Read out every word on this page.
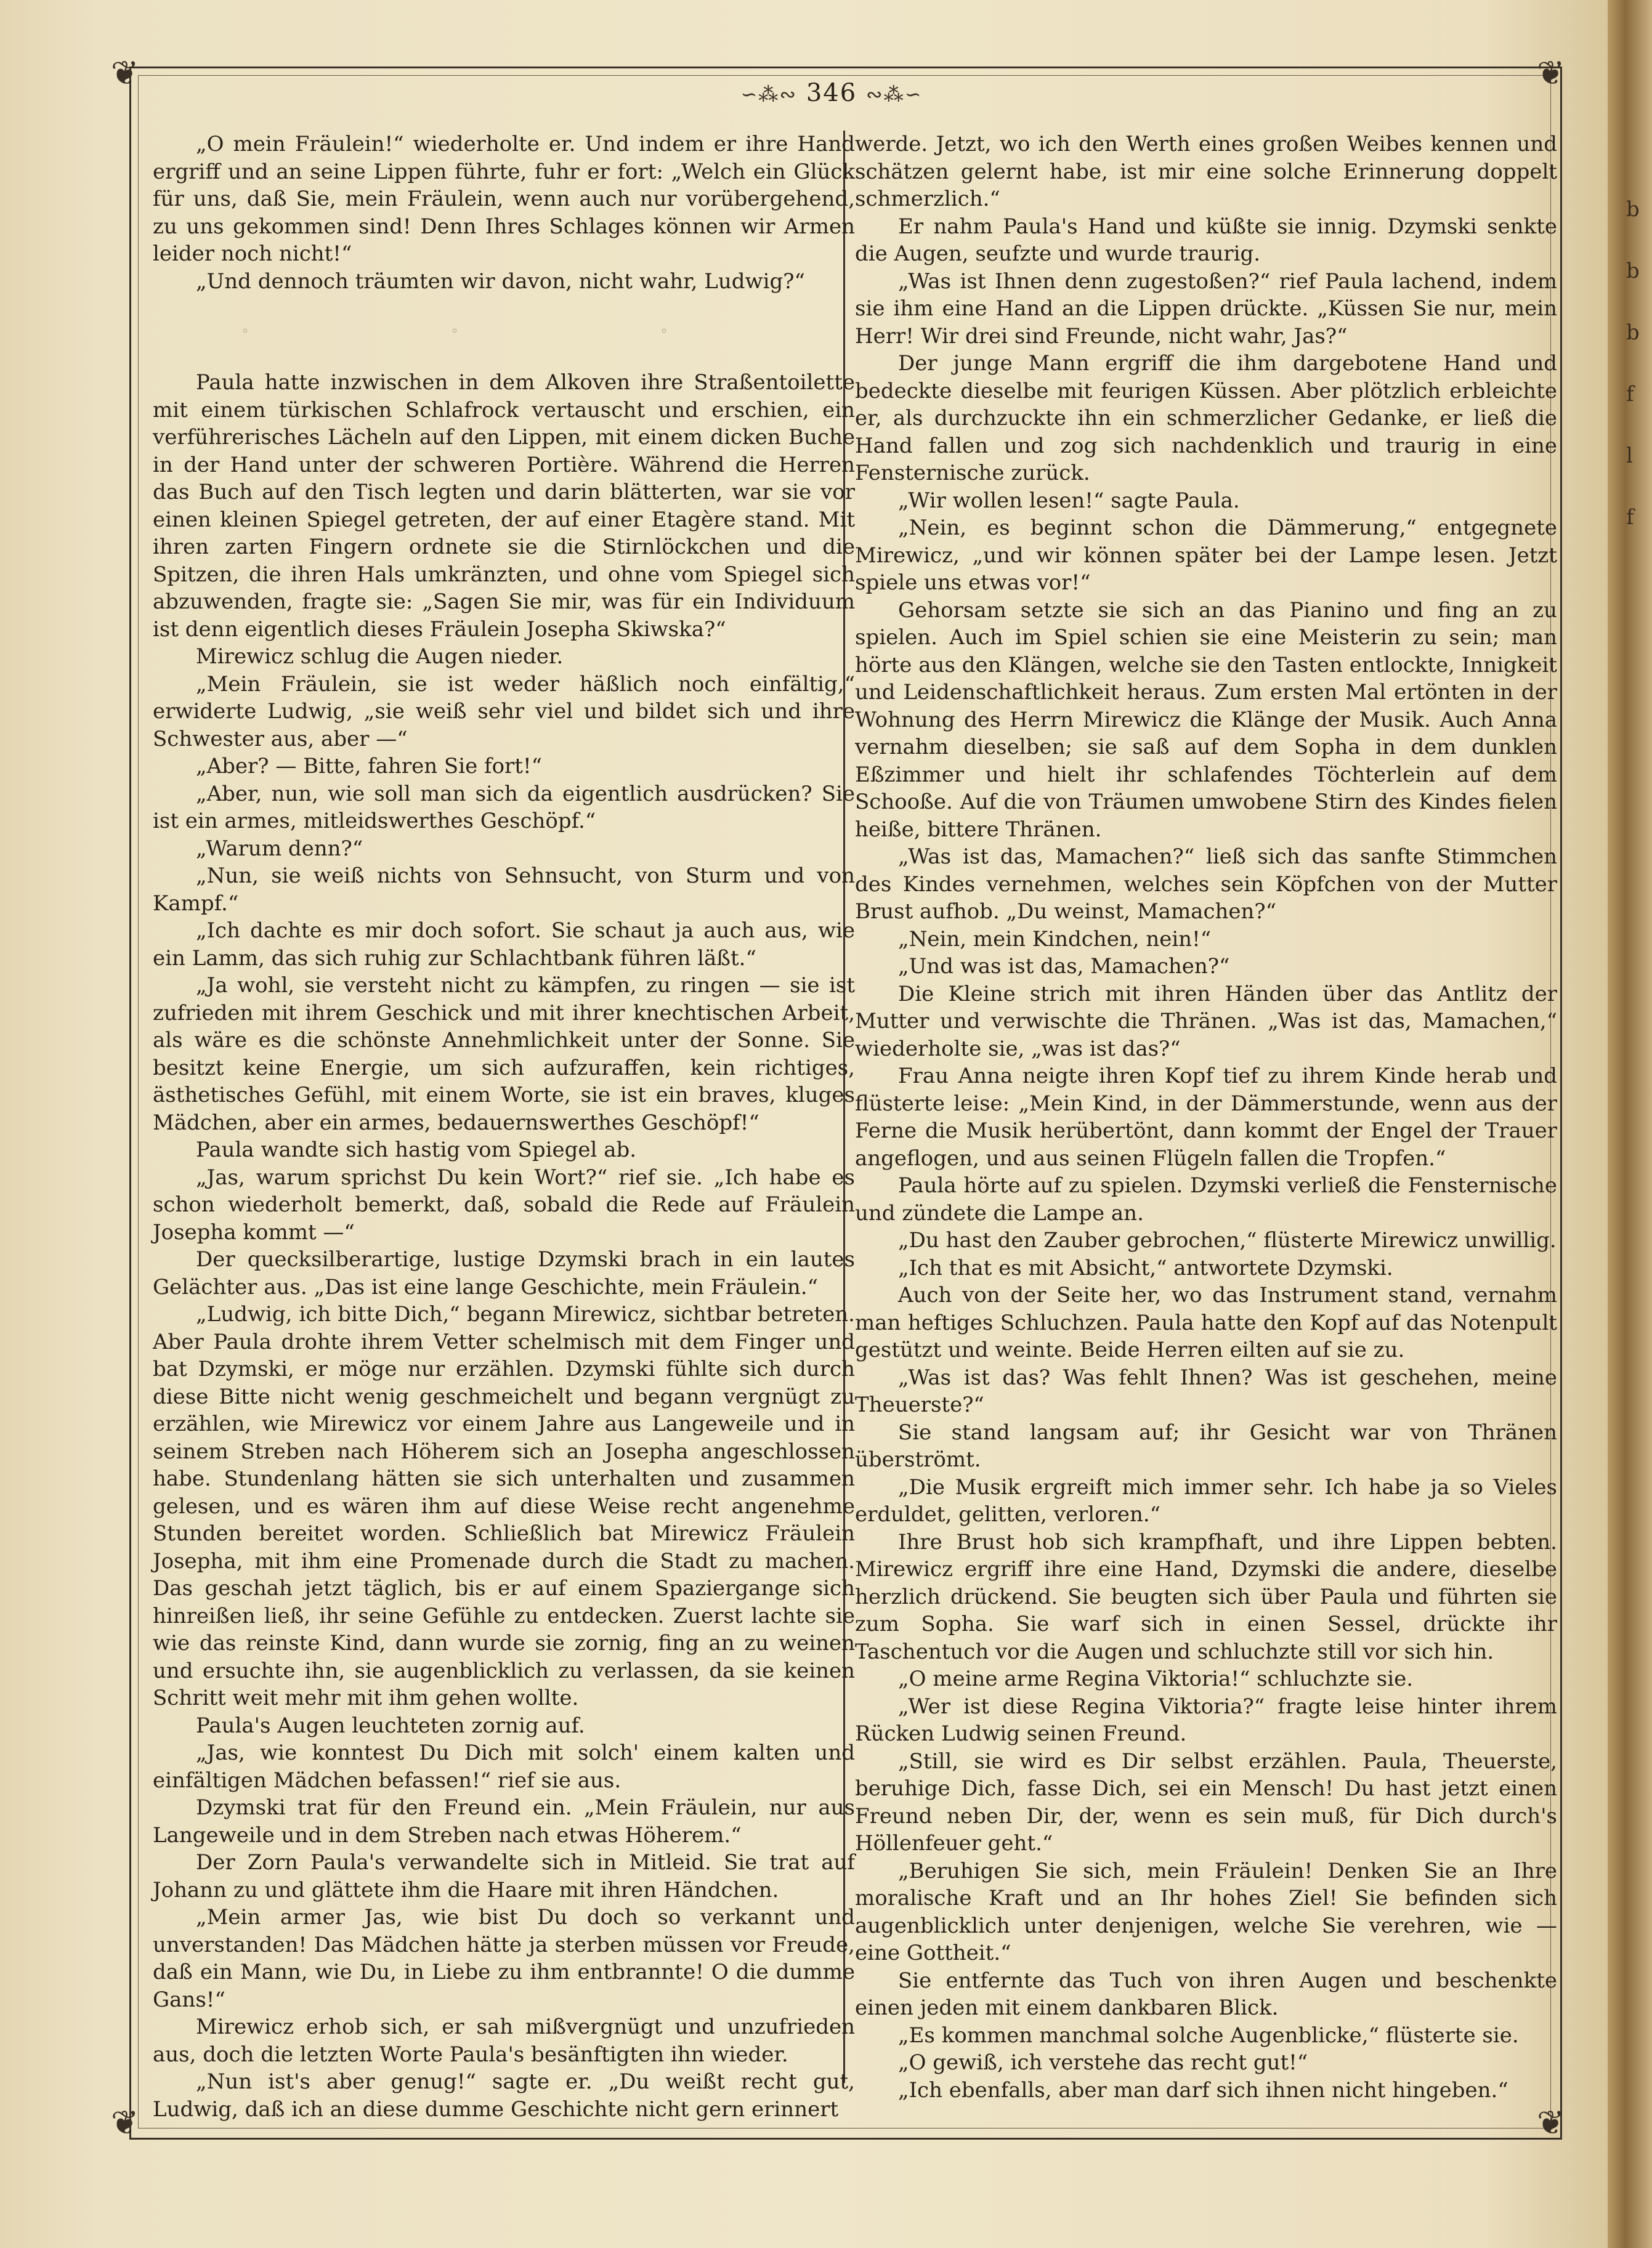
b
b
b
f
l
f
❦	❦
❦	❦
∽⁂∾ 346 ∾⁂∽

„O mein Fräulein!“ wiederholte er. Und indem er ihre Hand ergriff und an seine Lippen führte, fuhr er fort: „Welch ein Glück für uns, daß Sie, mein Fräulein, wenn auch nur vorübergehend, zu uns gekommen sind! Denn Ihres Schlages können wir Armen leider noch nicht!“

„Und dennoch träumten wir davon, nicht wahr, Ludwig?“

◦ ◦ ◦

Paula hatte inzwischen in dem Alkoven ihre Straßentoilette mit einem türkischen Schlafrock vertauscht und erschien, ein verführerisches Lächeln auf den Lippen, mit einem dicken Buche in der Hand unter der schweren Portière. Während die Herren das Buch auf den Tisch legten und darin blätterten, war sie vor einen kleinen Spiegel getreten, der auf einer Etagère stand. Mit ihren zarten Fingern ordnete sie die Stirnlöckchen und die Spitzen, die ihren Hals umkränzten, und ohne vom Spiegel sich abzuwenden, fragte sie: „Sagen Sie mir, was für ein Individuum ist denn eigentlich dieses Fräulein Josepha Skiwska?“

Mirewicz schlug die Augen nieder.

„Mein Fräulein, sie ist weder häßlich noch einfältig,“ erwiderte Ludwig, „sie weiß sehr viel und bildet sich und ihre Schwester aus, aber —“

„Aber? — Bitte, fahren Sie fort!“

„Aber, nun, wie soll man sich da eigentlich ausdrücken? Sie ist ein armes, mitleidswerthes Geschöpf.“

„Warum denn?“

„Nun, sie weiß nichts von Sehnsucht, von Sturm und von Kampf.“

„Ich dachte es mir doch sofort. Sie schaut ja auch aus, wie ein Lamm, das sich ruhig zur Schlachtbank führen läßt.“

„Ja wohl, sie versteht nicht zu kämpfen, zu ringen — sie ist zufrieden mit ihrem Geschick und mit ihrer knechtischen Arbeit, als wäre es die schönste Annehmlichkeit unter der Sonne. Sie besitzt keine Energie, um sich aufzuraffen, kein richtiges, ästhetisches Gefühl, mit einem Worte, sie ist ein braves, kluges Mädchen, aber ein armes, bedauernswerthes Geschöpf!“

Paula wandte sich hastig vom Spiegel ab.

„Jas, warum sprichst Du kein Wort?“ rief sie. „Ich habe es schon wiederholt bemerkt, daß, sobald die Rede auf Fräulein Josepha kommt —“

Der quecksilberartige, lustige Dzymski brach in ein lautes Gelächter aus. „Das ist eine lange Geschichte, mein Fräulein.“

„Ludwig, ich bitte Dich,“ begann Mirewicz, sichtbar betreten. Aber Paula drohte ihrem Vetter schelmisch mit dem Finger und bat Dzymski, er möge nur erzählen. Dzymski fühlte sich durch diese Bitte nicht wenig geschmeichelt und begann vergnügt zu erzählen, wie Mirewicz vor einem Jahre aus Langeweile und in seinem Streben nach Höherem sich an Josepha angeschlossen habe. Stundenlang hätten sie sich unterhalten und zusammen gelesen, und es wären ihm auf diese Weise recht angenehme Stunden bereitet worden. Schließlich bat Mirewicz Fräulein Josepha, mit ihm eine Promenade durch die Stadt zu machen. Das geschah jetzt täglich, bis er auf einem Spaziergange sich hinreißen ließ, ihr seine Gefühle zu entdecken. Zuerst lachte sie wie das reinste Kind, dann wurde sie zornig, fing an zu weinen und ersuchte ihn, sie augenblicklich zu verlassen, da sie keinen Schritt weit mehr mit ihm gehen wollte.

Paula's Augen leuchteten zornig auf.

„Jas, wie konntest Du Dich mit solch' einem kalten und einfältigen Mädchen befassen!“ rief sie aus.

Dzymski trat für den Freund ein. „Mein Fräulein, nur aus Langeweile und in dem Streben nach etwas Höherem.“

Der Zorn Paula's verwandelte sich in Mitleid. Sie trat auf Johann zu und glättete ihm die Haare mit ihren Händchen.

„Mein armer Jas, wie bist Du doch so verkannt und unverstanden! Das Mädchen hätte ja sterben müssen vor Freude, daß ein Mann, wie Du, in Liebe zu ihm entbrannte! O die dumme Gans!“

Mirewicz erhob sich, er sah mißvergnügt und unzufrieden aus, doch die letzten Worte Paula's besänftigten ihn wieder.

„Nun ist's aber genug!“ sagte er. „Du weißt recht gut, Ludwig, daß ich an diese dumme Geschichte nicht gern erinnert

werde. Jetzt, wo ich den Werth eines großen Weibes kennen und schätzen gelernt habe, ist mir eine solche Erinnerung doppelt schmerzlich.“

Er nahm Paula's Hand und küßte sie innig. Dzymski senkte die Augen, seufzte und wurde traurig.

„Was ist Ihnen denn zugestoßen?“ rief Paula lachend, indem sie ihm eine Hand an die Lippen drückte. „Küssen Sie nur, mein Herr! Wir drei sind Freunde, nicht wahr, Jas?“

Der junge Mann ergriff die ihm dargebotene Hand und bedeckte dieselbe mit feurigen Küssen. Aber plötzlich erbleichte er, als durchzuckte ihn ein schmerzlicher Gedanke, er ließ die Hand fallen und zog sich nachdenklich und traurig in eine Fensternische zurück.

„Wir wollen lesen!“ sagte Paula.

„Nein, es beginnt schon die Dämmerung,“ entgegnete Mirewicz, „und wir können später bei der Lampe lesen. Jetzt spiele uns etwas vor!“

Gehorsam setzte sie sich an das Pianino und fing an zu spielen. Auch im Spiel schien sie eine Meisterin zu sein; man hörte aus den Klängen, welche sie den Tasten entlockte, Innigkeit und Leidenschaftlichkeit heraus. Zum ersten Mal ertönten in der Wohnung des Herrn Mirewicz die Klänge der Musik. Auch Anna vernahm dieselben; sie saß auf dem Sopha in dem dunklen Eßzimmer und hielt ihr schlafendes Töchterlein auf dem Schooße. Auf die von Träumen umwobene Stirn des Kindes fielen heiße, bittere Thränen.

„Was ist das, Mamachen?“ ließ sich das sanfte Stimmchen des Kindes vernehmen, welches sein Köpfchen von der Mutter Brust aufhob. „Du weinst, Mamachen?“

„Nein, mein Kindchen, nein!“

„Und was ist das, Mamachen?“

Die Kleine strich mit ihren Händen über das Antlitz der Mutter und verwischte die Thränen. „Was ist das, Mamachen,“ wiederholte sie, „was ist das?“

Frau Anna neigte ihren Kopf tief zu ihrem Kinde herab und flüsterte leise: „Mein Kind, in der Dämmerstunde, wenn aus der Ferne die Musik herübertönt, dann kommt der Engel der Trauer angeflogen, und aus seinen Flügeln fallen die Tropfen.“

Paula hörte auf zu spielen. Dzymski verließ die Fensternische und zündete die Lampe an.

„Du hast den Zauber gebrochen,“ flüsterte Mirewicz unwillig.

„Ich that es mit Absicht,“ antwortete Dzymski.

Auch von der Seite her, wo das Instrument stand, vernahm man heftiges Schluchzen. Paula hatte den Kopf auf das Notenpult gestützt und weinte. Beide Herren eilten auf sie zu.

„Was ist das? Was fehlt Ihnen? Was ist geschehen, meine Theuerste?“

Sie stand langsam auf; ihr Gesicht war von Thränen überströmt.

„Die Musik ergreift mich immer sehr. Ich habe ja so Vieles erduldet, gelitten, verloren.“

Ihre Brust hob sich krampfhaft, und ihre Lippen bebten. Mirewicz ergriff ihre eine Hand, Dzymski die andere, dieselbe herzlich drückend. Sie beugten sich über Paula und führten sie zum Sopha. Sie warf sich in einen Sessel, drückte ihr Taschentuch vor die Augen und schluchzte still vor sich hin.

„O meine arme Regina Viktoria!“ schluchzte sie.

„Wer ist diese Regina Viktoria?“ fragte leise hinter ihrem Rücken Ludwig seinen Freund.

„Still, sie wird es Dir selbst erzählen. Paula, Theuerste, beruhige Dich, fasse Dich, sei ein Mensch! Du hast jetzt einen Freund neben Dir, der, wenn es sein muß, für Dich durch's Höllenfeuer geht.“

„Beruhigen Sie sich, mein Fräulein! Denken Sie an Ihre moralische Kraft und an Ihr hohes Ziel! Sie befinden sich augenblicklich unter denjenigen, welche Sie verehren, wie — eine Gottheit.“

Sie entfernte das Tuch von ihren Augen und beschenkte einen jeden mit einem dankbaren Blick.

„Es kommen manchmal solche Augenblicke,“ flüsterte sie.

„O gewiß, ich verstehe das recht gut!“

„Ich ebenfalls, aber man darf sich ihnen nicht hingeben.“
